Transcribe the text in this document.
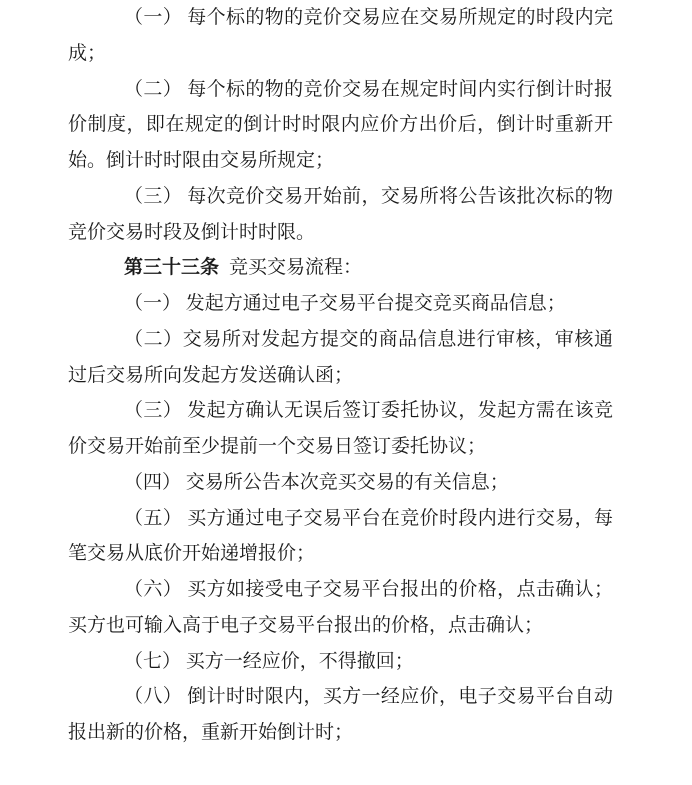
（一） 每个标的物的竞价交易应在交易所规定的时段内完成；

（二） 每个标的物的竞价交易在规定时间内实行倒计时报价制度，即在规定的倒计时时限内应价方出价后，倒计时重新开始。倒计时时限由交易所规定；

（三） 每次竞价交易开始前，交易所将公告该批次标的物竞价交易时段及倒计时时限。

第三十三条 竞买交易流程：

（一） 发起方通过电子交易平台提交竞买商品信息；

（二）交易所对发起方提交的商品信息进行审核，审核通过后交易所向发起方发送确认函；

（三） 发起方确认无误后签订委托协议，发起方需在该竞价交易开始前至少提前一个交易日签订委托协议；

（四） 交易所公告本次竞买交易的有关信息；

（五） 买方通过电子交易平台在竞价时段内进行交易，每笔交易从底价开始递增报价；

（六） 买方如接受电子交易平台报出的价格，点击确认；买方也可输入高于电子交易平台报出的价格，点击确认；

（七） 买方一经应价，不得撤回；

（八） 倒计时时限内，买方一经应价，电子交易平台自动报出新的价格，重新开始倒计时；
